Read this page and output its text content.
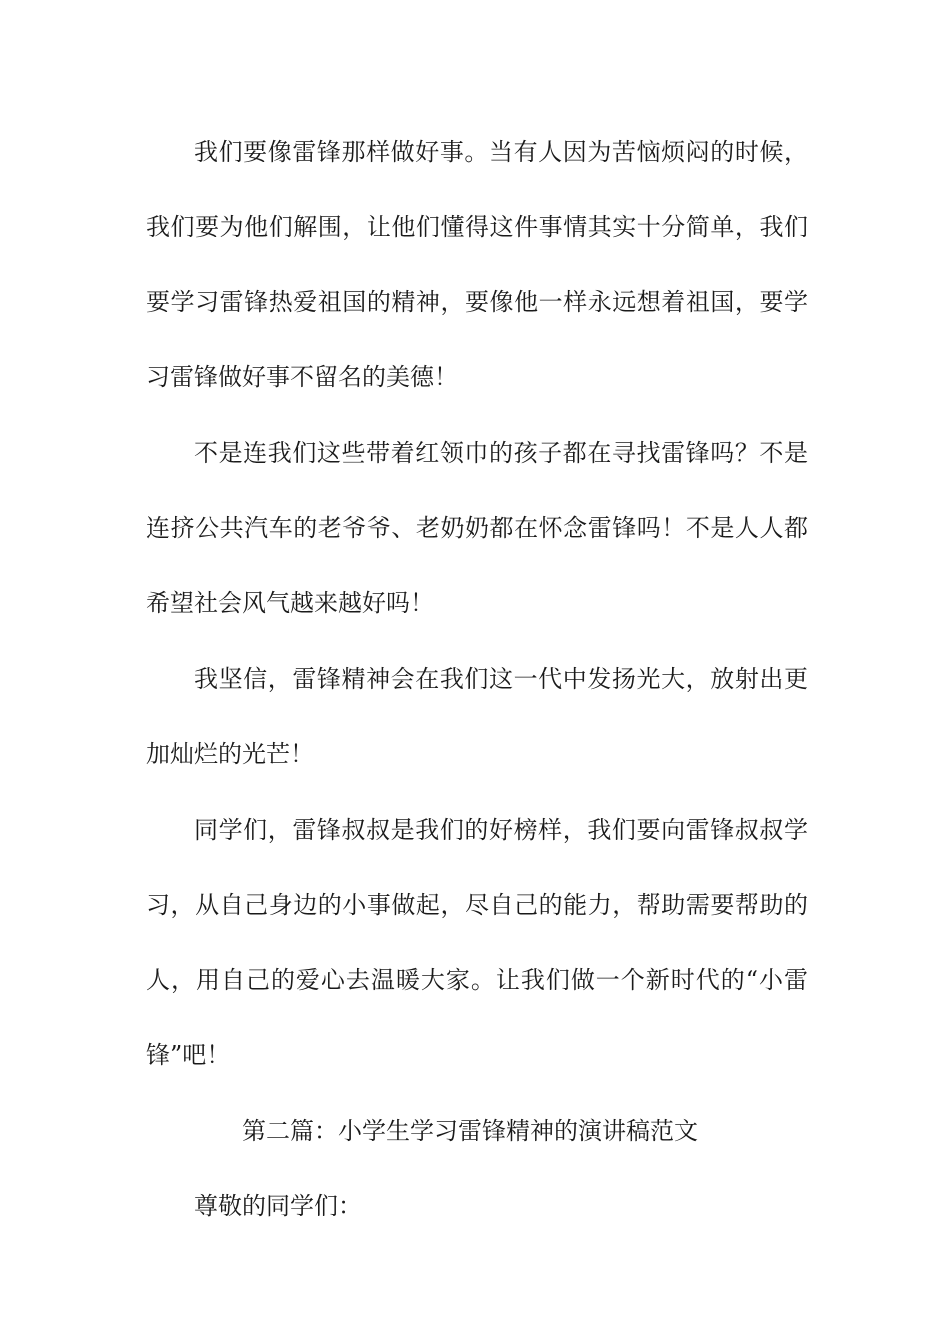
我们要像雷锋那样做好事。当有人因为苦恼烦闷的时候，
我们要为他们解围，让他们懂得这件事情其实十分简单，我们
要学习雷锋热爱祖国的精神，要像他一样永远想着祖国，要学
习雷锋做好事不留名的美德！
不是连我们这些带着红领巾的孩子都在寻找雷锋吗？不是
连挤公共汽车的老爷爷、老奶奶都在怀念雷锋吗！不是人人都
希望社会风气越来越好吗！
我坚信，雷锋精神会在我们这一代中发扬光大，放射出更
加灿烂的光芒！
同学们，雷锋叔叔是我们的好榜样，我们要向雷锋叔叔学
习，从自己身边的小事做起，尽自己的能力，帮助需要帮助的
人，用自己的爱心去温暖大家。让我们做一个新时代的“小雷
锋”吧！
第二篇：小学生学习雷锋精神的演讲稿范文
尊敬的同学们：
